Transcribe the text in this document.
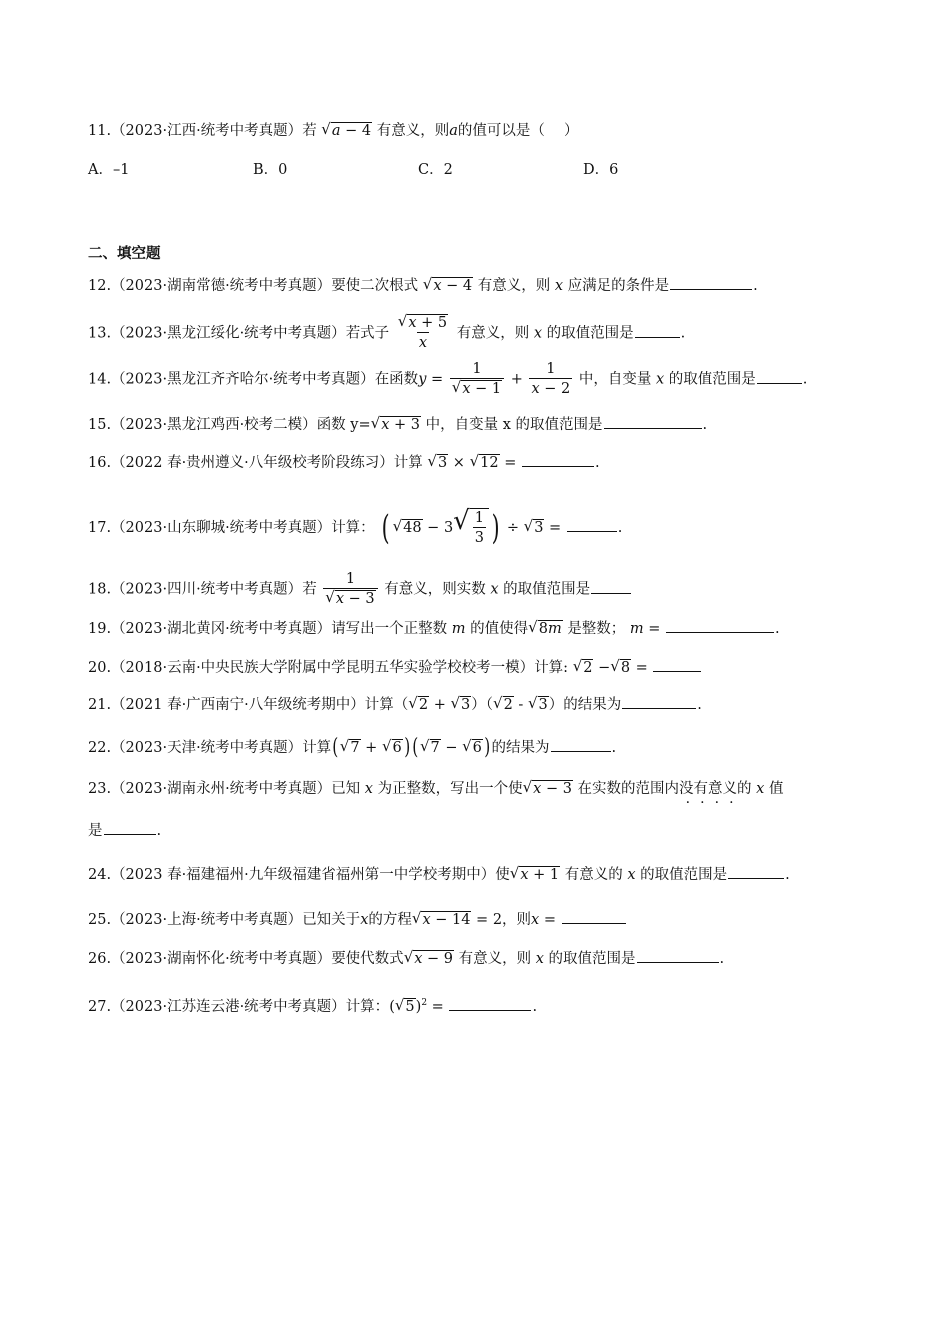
11.（2023·江西·统考中考真题）若 √ a − 4 有意义，则a的值可以是（　 ）
A．–1	B．0	C．2	D．6
二、填空题
12.（2023·湖南常德·统考中考真题）要使二次根式 √ x − 4 有意义，则 x 应满足的条件是	.
13.（2023·黑龙江绥化·统考中考真题）若式子 $\frac{√ x + 5}{x}$ 有意义，则 x 的取值范围是	.
14.（2023·黑龙江齐齐哈尔·统考中考真题）在函数$y = \frac{1}{√ x - 1} + \frac{1}{x - 2}$ 中，自变量 x 的取值范围是	.
15.（2023·黑龙江鸡西·校考二模）函数 y= √ x + 3 中，自变量 x 的取值范围是	.
16.（2022 春·贵州遵义·八年级校考阶段练习）计算 √ 3 × √ 12 =	.
17.（2023·山东聊城·统考中考真题）计算： ( √ 48 − 3 √ $\frac{1}{3}$ ) ÷ √ 3 =	.
18.（2023·四川·统考中考真题）若 $\frac{1}{√ x - 3}$ 有意义，则实数 x 的取值范围是
19.（2023·湖北黄冈·统考中考真题）请写出一个正整数 m 的值使得 √ 8m 是整数； m =	.
20.（2018·云南·中央民族大学附属中学昆明五华实验学校校考一模）计算: √ 2 − √ 8 =
21.（2021 春·广西南宁·八年级统考期中）计算（ √ 2 + √ 3 ）（ √ 2 - √ 3 ）的结果为	.
22.（2023·天津·统考中考真题）计算( √ 7 + √ 6 ) ( √ 7 − √ 6 )的结果为	.
23.（2023·湖南永州·统考中考真题）已知 x 为正整数，写出一个使 √ x − 3 在实数的范围内没有意义的 x 值
是	.
24.（2023 春·福建福州·九年级福建省福州第一中学校考期中）使 √ x + 1 有意义的 x 的取值范围是	.
25.（2023·上海·统考中考真题）已知关于x的方程 √ x − 14 = 2，则x =
26.（2023·湖南怀化·统考中考真题）要使代数式 √ x − 9 有意义，则 x 的取值范围是	.
27.（2023·江苏连云港·统考中考真题）计算：( √ 5 )$^2$ =	.
